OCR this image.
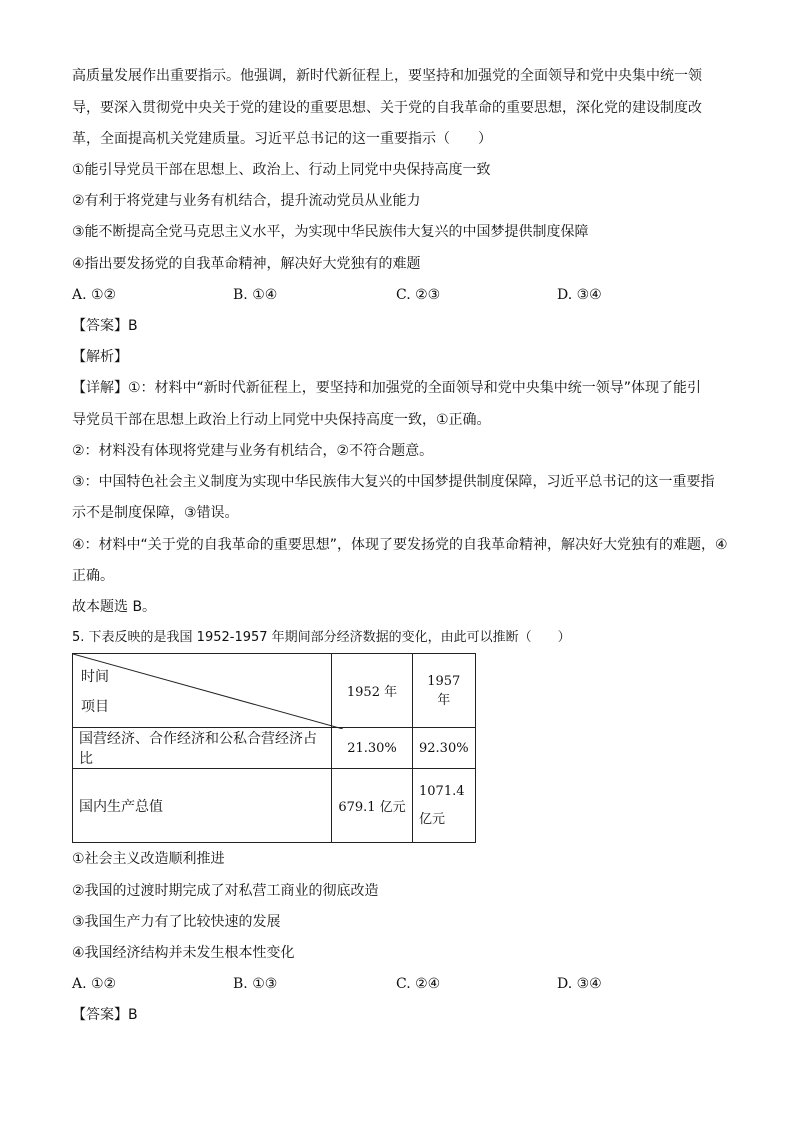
高质量发展作出重要指示。他强调，新时代新征程上，要坚持和加强党的全面领导和党中央集中统一领
导，要深入贯彻党中央关于党的建设的重要思想、关于党的自我革命的重要思想，深化党的建设制度改
革，全面提高机关党建质量。习近平总书记的这一重要指示（　　）
①能引导党员干部在思想上、政治上、行动上同党中央保持高度一致
②有利于将党建与业务有机结合，提升流动党员从业能力
③能不断提高全党马克思主义水平，为实现中华民族伟大复兴的中国梦提供制度保障
④指出要发扬党的自我革命精神，解决好大党独有的难题
A. ①②	B. ①④	C. ②③	D. ③④
【答案】B
【解析】
【详解】①：材料中“新时代新征程上，要坚持和加强党的全面领导和党中央集中统一领导”体现了能引
导党员干部在思想上政治上行动上同党中央保持高度一致，①正确。
②：材料没有体现将党建与业务有机结合，②不符合题意。
③：中国特色社会主义制度为实现中华民族伟大复兴的中国梦提供制度保障，习近平总书记的这一重要指
示不是制度保障，③错误。
④：材料中“关于党的自我革命的重要思想”，体现了要发扬党的自我革命精神，解决好大党独有的难题，④
正确。
故本题选 B。
5. 下表反映的是我国 1952-1957 年期间部分经济数据的变化，由此可以推断（　　）
时间
项目	1952 年	1957 年
国营经济、合作经济和公私合营经济占比	21.30%	92.30%
国内生产总值	679.1 亿元	1071.4
亿元
①社会主义改造顺利推进
②我国的过渡时期完成了对私营工商业的彻底改造
③我国生产力有了比较快速的发展
④我国经济结构并未发生根本性变化
A. ①②	B. ①③	C. ②④	D. ③④
【答案】B
